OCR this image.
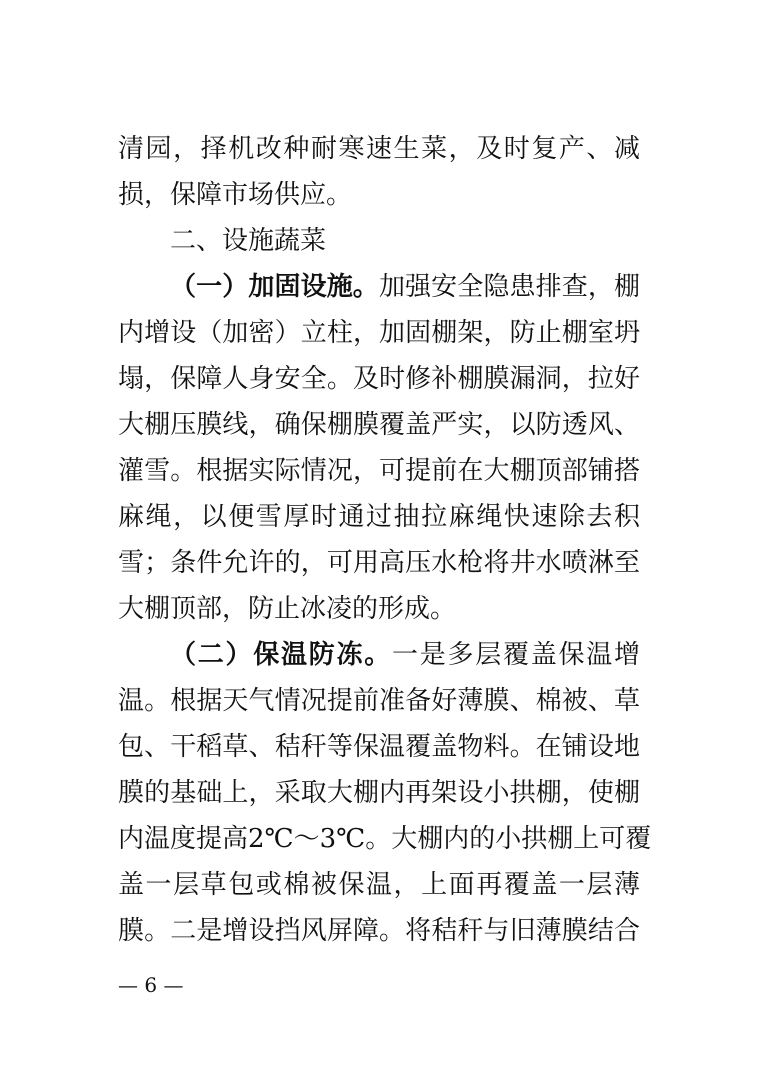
清园，择机改种耐寒速生菜，及时复产、减
损，保障市场供应。
二、设施蔬菜
（一）加固设施。加强安全隐患排查，棚
内增设（加密）立柱，加固棚架，防止棚室坍
塌，保障人身安全。及时修补棚膜漏洞，拉好
大棚压膜线，确保棚膜覆盖严实，以防透风、
灌雪。根据实际情况，可提前在大棚顶部铺搭
麻绳，以便雪厚时通过抽拉麻绳快速除去积
雪；条件允许的，可用高压水枪将井水喷淋至
大棚顶部，防止冰凌的形成。
（二）保温防冻。一是多层覆盖保温增
温。根据天气情况提前准备好薄膜、棉被、草
包、干稻草、秸秆等保温覆盖物料。在铺设地
膜的基础上，采取大棚内再架设小拱棚，使棚
内温度提高2℃～3℃。大棚内的小拱棚上可覆
盖一层草包或棉被保温，上面再覆盖一层薄
膜。二是增设挡风屏障。将秸秆与旧薄膜结合
— 6 —
